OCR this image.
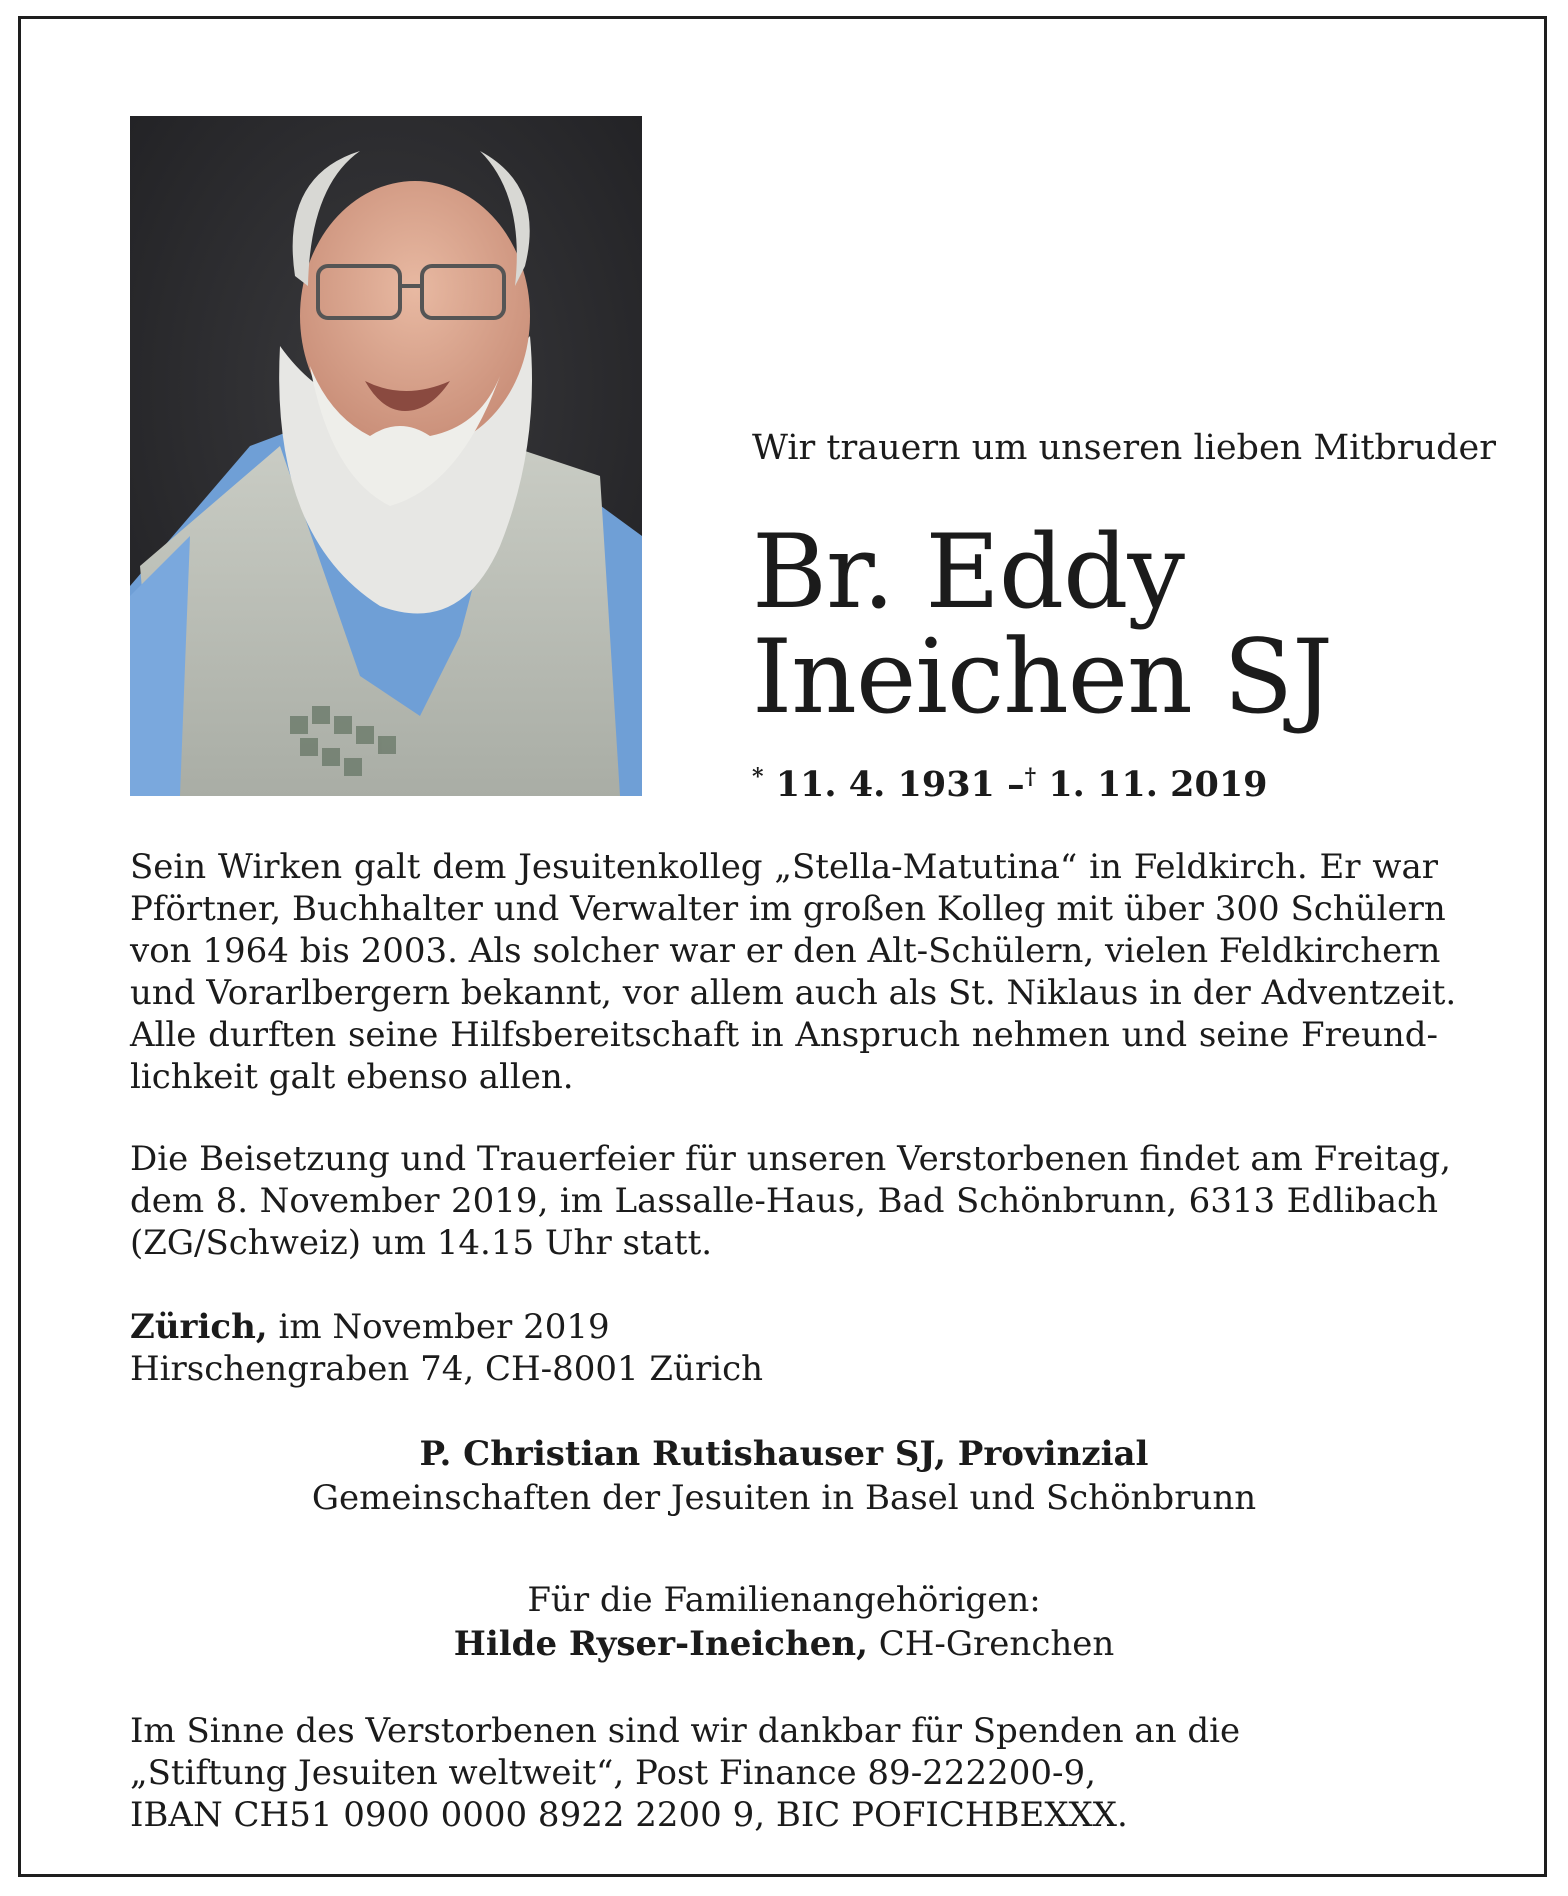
Wir trauern um unseren lieben Mitbruder
Br. Eddy
Ineichen SJ
* 11. 4. 1931 –† 1. 11. 2019
Sein Wirken galt dem Jesuitenkolleg „Stella-Matutina“ in Feldkirch. Er war
Pförtner, Buchhalter und Verwalter im großen Kolleg mit über 300 Schülern
von 1964 bis 2003. Als solcher war er den Alt-Schülern, vielen Feldkirchern
und Vorarlbergern bekannt, vor allem auch als St. Niklaus in der Adventzeit.
Alle durften seine Hilfsbereitschaft in Anspruch nehmen und seine Freund-
lichkeit galt ebenso allen.
Die Beisetzung und Trauerfeier für unseren Verstorbenen findet am Freitag,
dem 8. November 2019, im Lassalle-Haus, Bad Schönbrunn, 6313 Edlibach
(ZG/Schweiz) um 14.15 Uhr statt.
Zürich, im November 2019
Hirschengraben 74, CH-8001 Zürich
P. Christian Rutishauser SJ, Provinzial
Gemeinschaften der Jesuiten in Basel und Schönbrunn
Für die Familienangehörigen:
Hilde Ryser-Ineichen, CH-Grenchen
Im Sinne des Verstorbenen sind wir dankbar für Spenden an die
„Stiftung Jesuiten weltweit“, Post Finance 89-222200-9,
IBAN CH51 0900 0000 8922 2200 9, BIC POFICHBEXXX.
